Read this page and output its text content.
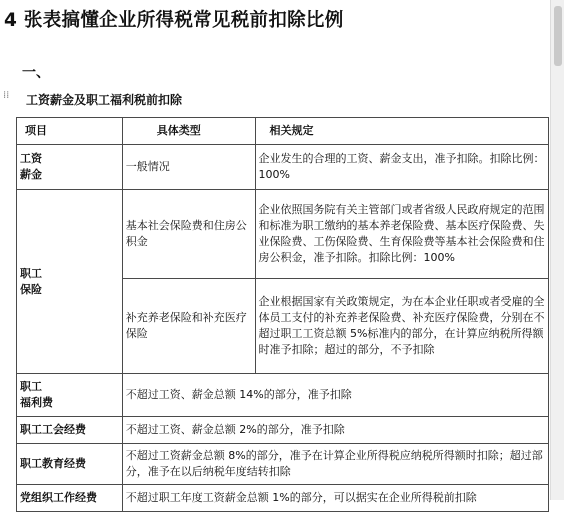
4 张表搞懂企业所得税常见税前扣除比例
一、
⁞⁞ 工资薪金及职工福利税前扣除
项目	具体类型	相关规定
工资
薪金	一般情况	企业发生的合理的工资、薪金支出，准予扣除。扣除比例：100%
职工
保险	基本社会保险费和住房公积金	企业依照国务院有关主管部门或者省级人民政府规定的范围和标准为职工缴纳的基本养老保险费、基本医疗保险费、失业保险费、工伤保险费、生育保险费等基本社会保险费和住房公积金，准予扣除。扣除比例：100%
	补充养老保险和补充医疗保险	企业根据国家有关政策规定，为在本企业任职或者受雇的全体员工支付的补充养老保险费、补充医疗保险费，分别在不超过职工工资总额 5%标准内的部分，在计算应纳税所得额时准予扣除；超过的部分，不予扣除
职工
福利费	不超过工资、薪金总额 14%的部分，准予扣除	
职工工会经费	不超过工资、薪金总额 2%的部分，准予扣除	
职工教育经费	不超过工资薪金总额 8%的部分，准予在计算企业所得税应纳税所得额时扣除；超过部分，准予在以后纳税年度结转扣除	
党组织工作经费	不超过职工年度工资薪金总额 1%的部分，可以据实在企业所得税前扣除	
